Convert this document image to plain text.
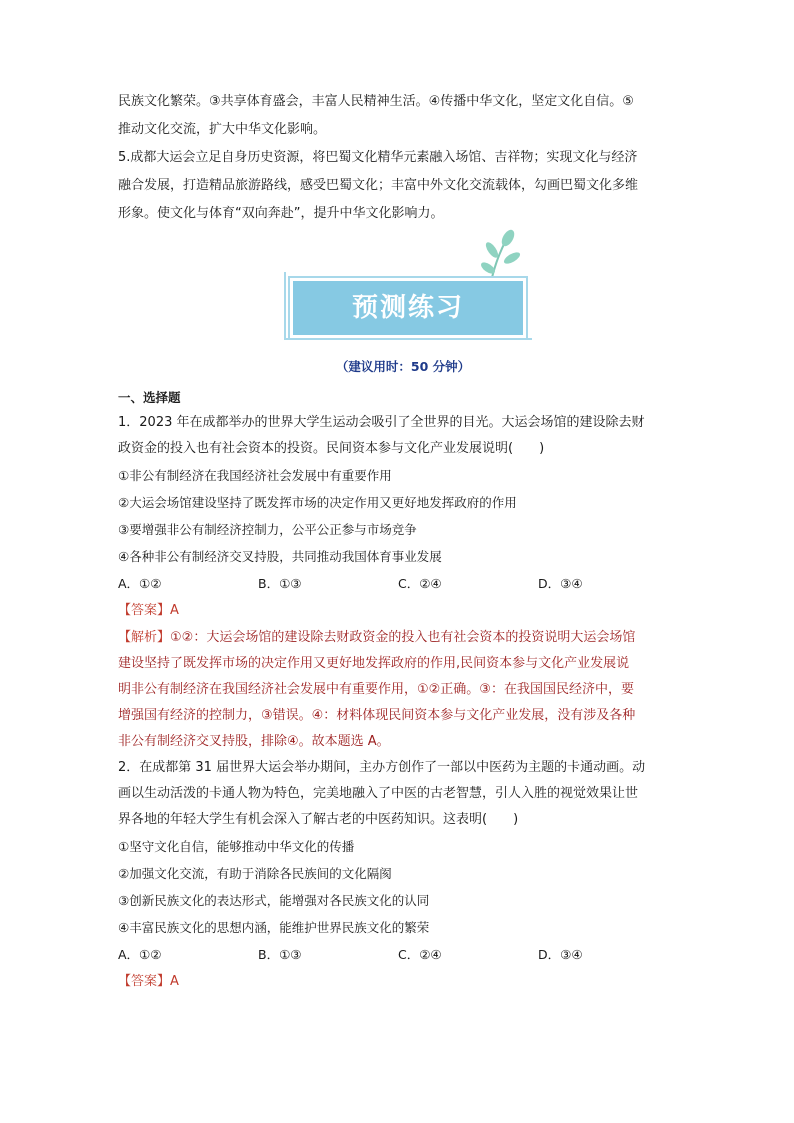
民族文化繁荣。③共享体育盛会，丰富人民精神生活。④传播中华文化，坚定文化自信。⑤

推动文化交流，扩大中华文化影响。

5.成都大运会立足自身历史资源，将巴蜀文化精华元素融入场馆、吉祥物；实现文化与经济

融合发展，打造精品旅游路线，感受巴蜀文化；丰富中外文化交流载体，勾画巴蜀文化多维

形象。使文化与体育“双向奔赴”，提升中华文化影响力。

预测练习

（建议用时：50 分钟）

一、选择题

1．2023 年在成都举办的世界大学生运动会吸引了全世界的目光。大运会场馆的建设除去财

政资金的投入也有社会资本的投资。民间资本参与文化产业发展说明(　　)

①非公有制经济在我国经济社会发展中有重要作用

②大运会场馆建设坚持了既发挥市场的决定作用又更好地发挥政府的作用

③要增强非公有制经济控制力，公平公正参与市场竞争

④各种非公有制经济交叉持股，共同推动我国体育事业发展

A．①②	B．①③	C．②④	D．③④

【答案】A

【解析】①②：大运会场馆的建设除去财政资金的投入也有社会资本的投资说明大运会场馆

建设坚持了既发挥市场的决定作用又更好地发挥政府的作用,民间资本参与文化产业发展说

明非公有制经济在我国经济社会发展中有重要作用，①②正确。③：在我国国民经济中，要

增强国有经济的控制力，③错误。④：材料体现民间资本参与文化产业发展，没有涉及各种

非公有制经济交叉持股，排除④。故本题选 A。

2．在成都第 31 届世界大运会举办期间，主办方创作了一部以中医药为主题的卡通动画。动

画以生动活泼的卡通人物为特色，完美地融入了中医的古老智慧，引人入胜的视觉效果让世

界各地的年轻大学生有机会深入了解古老的中医药知识。这表明(　　)

①坚守文化自信，能够推动中华文化的传播

②加强文化交流，有助于消除各民族间的文化隔阂

③创新民族文化的表达形式，能增强对各民族文化的认同

④丰富民族文化的思想内涵，能维护世界民族文化的繁荣

A．①②	B．①③	C．②④	D．③④

【答案】A
